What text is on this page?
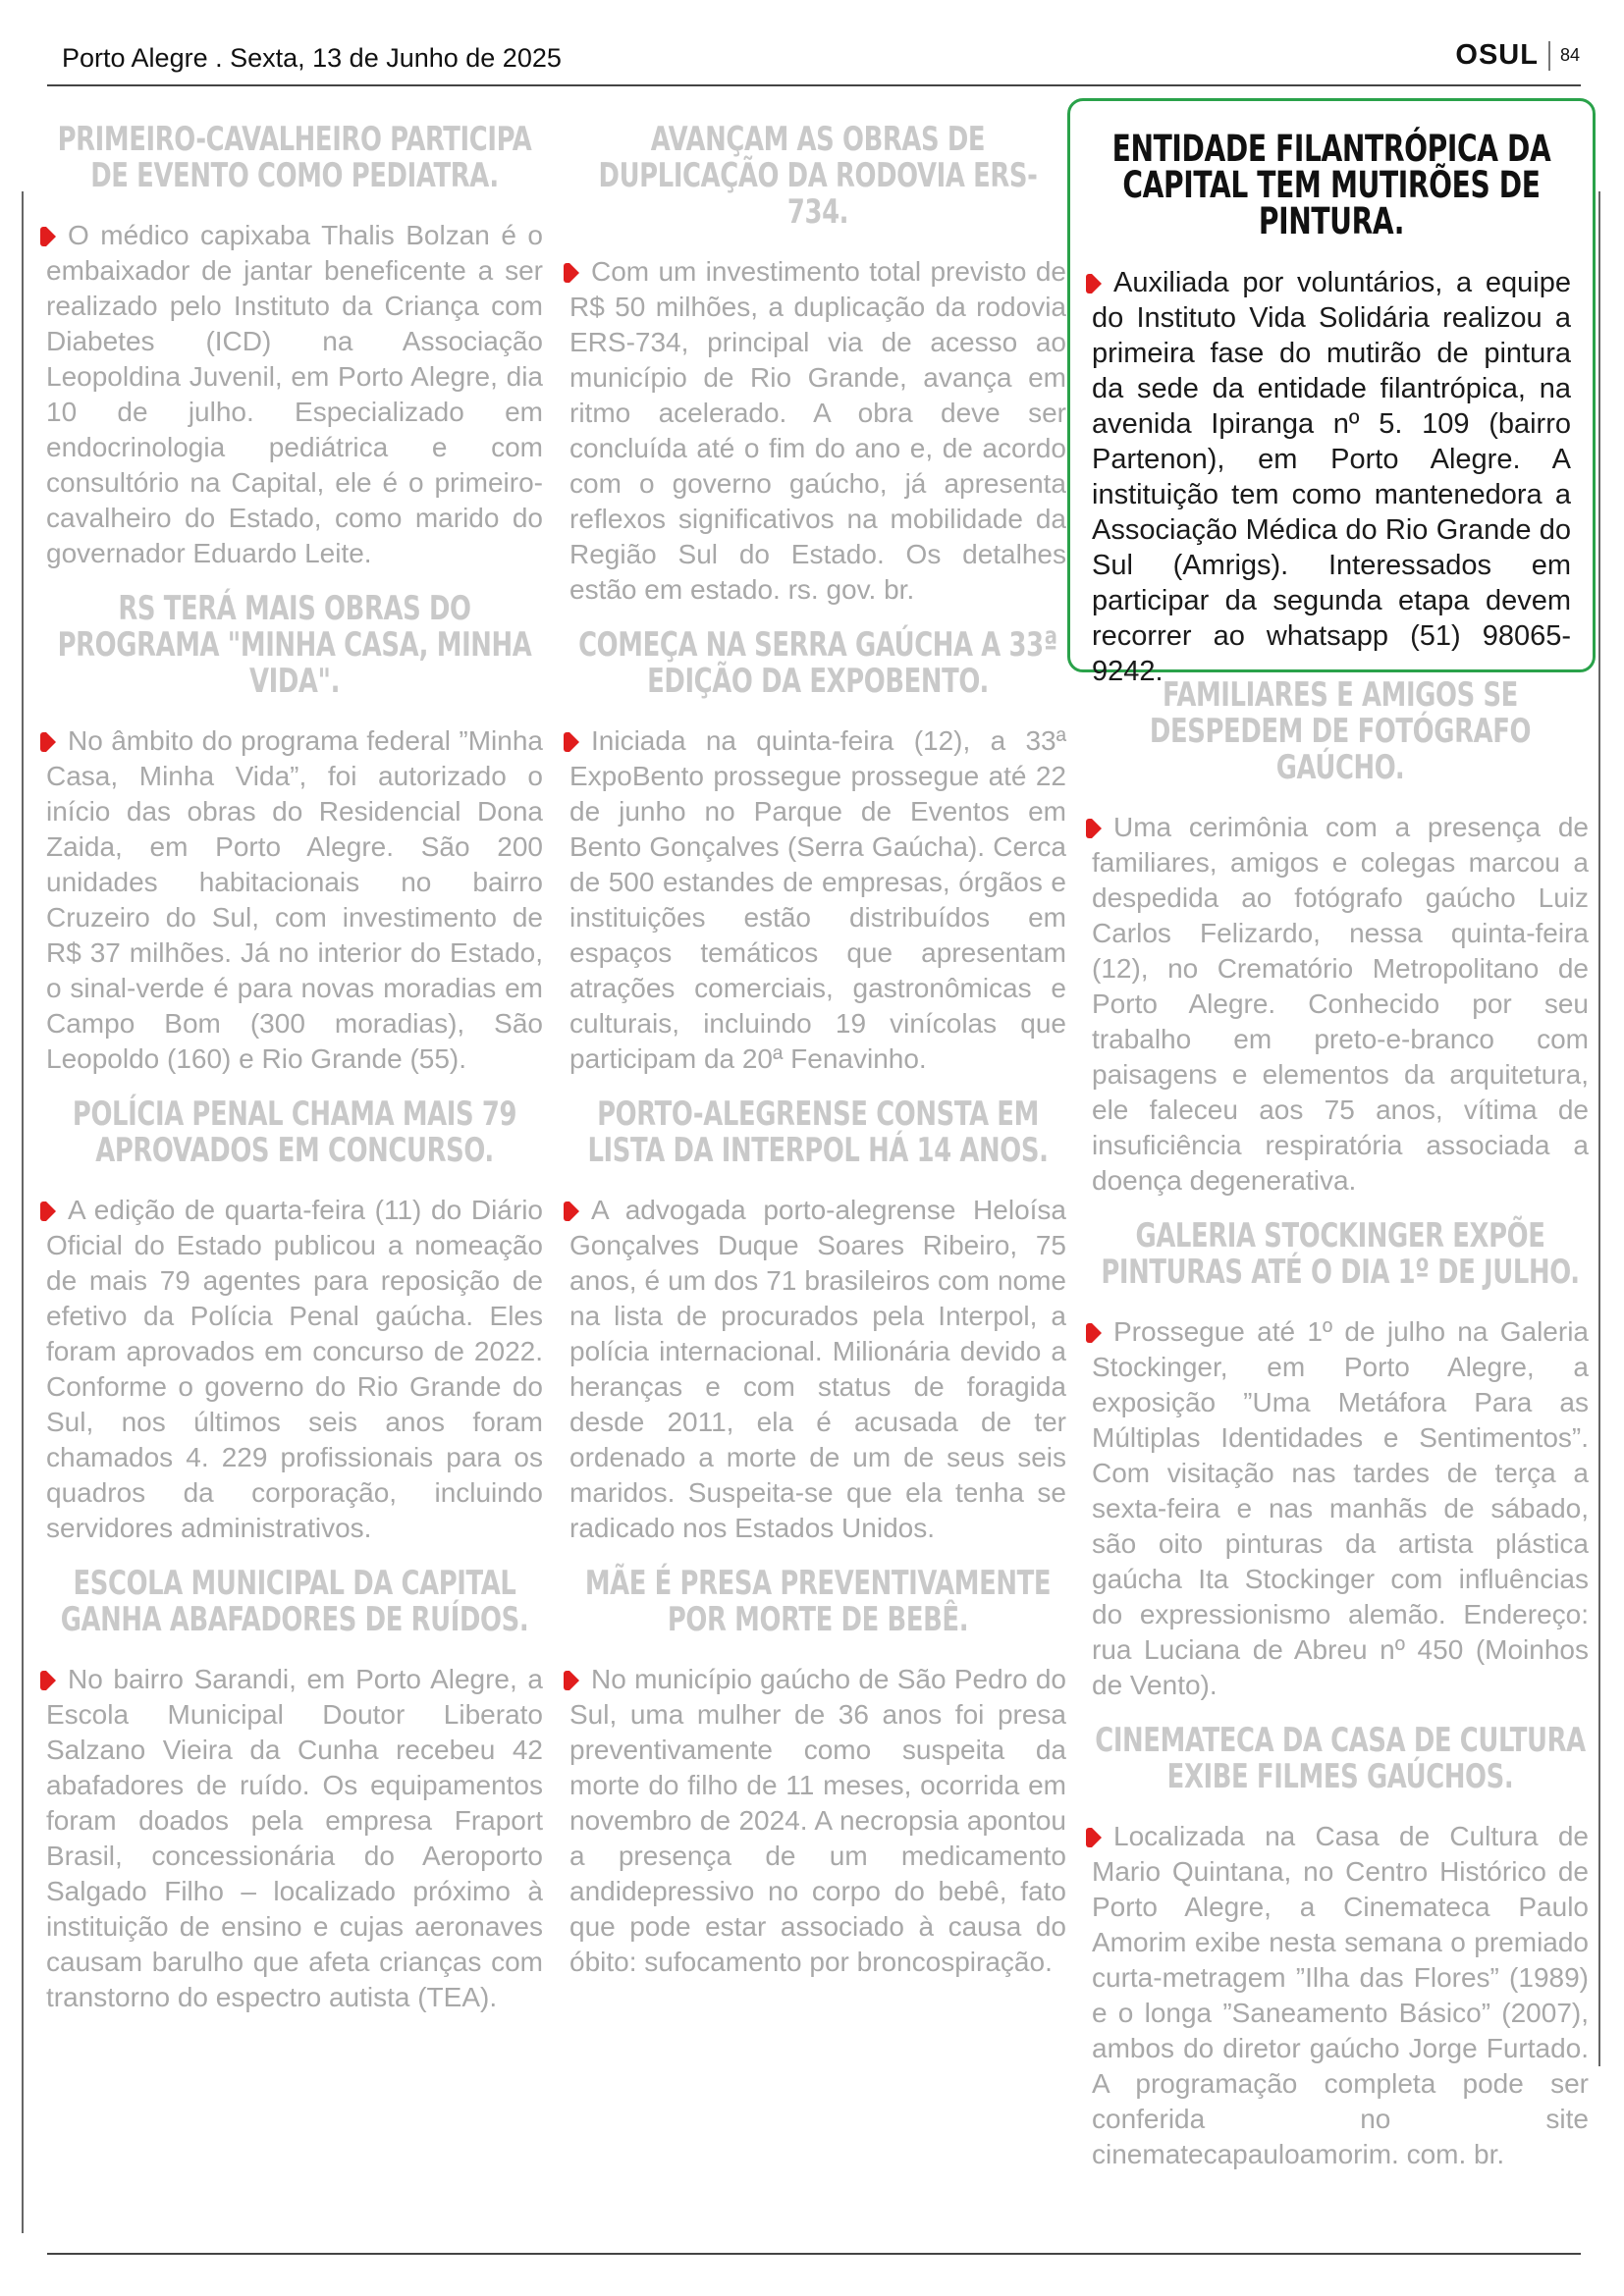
Porto Alegre . Sexta, 13 de Junho de 2025	OSUL 84
PRIMEIRO-CAVALHEIRO PARTICIPA DE EVENTO COMO PEDIATRA.

O médico capixaba Thalis Bolzan é o embaixador de jantar beneficente a ser realizado pelo Instituto da Criança com Diabetes (ICD) na Associação Leopoldina Juvenil, em Porto Alegre, dia 10 de julho. Especializado em endocrinologia pediátrica e com consultório na Capital, ele é o primeiro-cavalheiro do Estado, como marido do governador Eduardo Leite.

RS TERÁ MAIS OBRAS DO PROGRAMA "MINHA CASA, MINHA VIDA".

No âmbito do programa federal ”Minha Casa, Minha Vida”, foi autorizado o início das obras do Residencial Dona Zaida, em Porto Alegre. São 200 unidades habitacionais no bairro Cruzeiro do Sul, com investimento de R$ 37 milhões. Já no interior do Estado, o sinal-verde é para novas moradias em Campo Bom (300 moradias), São Leopoldo (160) e Rio Grande (55).

POLÍCIA PENAL CHAMA MAIS 79 APROVADOS EM CONCURSO.

A edição de quarta-feira (11) do Diário Oficial do Estado publicou a nomeação de mais 79 agentes para reposição de efetivo da Polícia Penal gaúcha. Eles foram aprovados em concurso de 2022. Conforme o governo do Rio Grande do Sul, nos últimos seis anos foram chamados 4. 229 profissionais para os quadros da corporação, incluindo servidores administrativos.

ESCOLA MUNICIPAL DA CAPITAL GANHA ABAFADORES DE RUÍDOS.

No bairro Sarandi, em Porto Alegre, a Escola Municipal Doutor Liberato Salzano Vieira da Cunha recebeu 42 abafadores de ruído. Os equipamentos foram doados pela empresa Fraport Brasil, concessionária do Aeroporto Salgado Filho – localizado próximo à instituição de ensino e cujas aeronaves causam barulho que afeta crianças com transtorno do espectro autista (TEA).

AVANÇAM AS OBRAS DE DUPLICAÇÃO DA RODOVIA ERS-734.

Com um investimento total previsto de R$ 50 milhões, a duplicação da rodovia ERS-734, principal via de acesso ao município de Rio Grande, avança em ritmo acelerado. A obra deve ser concluída até o fim do ano e, de acordo com o governo gaúcho, já apresenta reflexos significativos na mobilidade da Região Sul do Estado. Os detalhes estão em estado. rs. gov. br.

COMEÇA NA SERRA GAÚCHA A 33ª EDIÇÃO DA EXPOBENTO.

Iniciada na quinta-feira (12), a 33ª ExpoBento prossegue prossegue até 22 de junho no Parque de Eventos em Bento Gonçalves (Serra Gaúcha). Cerca de 500 estandes de empresas, órgãos e instituições estão distribuídos em espaços temáticos que apresentam atrações comerciais, gastronômicas e culturais, incluindo 19 vinícolas que participam da 20ª Fenavinho.

PORTO-ALEGRENSE CONSTA EM LISTA DA INTERPOL HÁ 14 ANOS.

A advogada porto-alegrense Heloísa Gonçalves Duque Soares Ribeiro, 75 anos, é um dos 71 brasileiros com nome na lista de procurados pela Interpol, a polícia internacional. Milionária devido a heranças e com status de foragida desde 2011, ela é acusada de ter ordenado a morte de um de seus seis maridos. Suspeita-se que ela tenha se radicado nos Estados Unidos.

MÃE É PRESA PREVENTIVAMENTE POR MORTE DE BEBÊ.

No município gaúcho de São Pedro do Sul, uma mulher de 36 anos foi presa preventivamente como suspeita da morte do filho de 11 meses, ocorrida em novembro de 2024. A necropsia apontou a presença de um medicamento andidepressivo no corpo do bebê, fato que pode estar associado à causa do óbito: sufocamento por broncospiração.

ENTIDADE FILANTRÓPICA DA CAPITAL TEM MUTIRÕES DE PINTURA.

Auxiliada por voluntários, a equipe do Instituto Vida Solidária realizou a primeira fase do mutirão de pintura da sede da entidade filantrópica, na avenida Ipiranga nº 5. 109 (bairro Partenon), em Porto Alegre. A instituição tem como mantenedora a Associação Médica do Rio Grande do Sul (Amrigs). Interessados em participar da segunda etapa devem recorrer ao whatsapp (51) 98065-9242.

FAMILIARES E AMIGOS SE DESPEDEM DE FOTÓGRAFO GAÚCHO.

Uma cerimônia com a presença de familiares, amigos e colegas marcou a despedida ao fotógrafo gaúcho Luiz Carlos Felizardo, nessa quinta-feira (12), no Crematório Metropolitano de Porto Alegre. Conhecido por seu trabalho em preto-e-branco com paisagens e elementos da arquitetura, ele faleceu aos 75 anos, vítima de insuficiência respiratória associada a doença degenerativa.

GALERIA STOCKINGER EXPÕE PINTURAS ATÉ O DIA 1º DE JULHO.

Prossegue até 1º de julho na Galeria Stockinger, em Porto Alegre, a exposição ”Uma Metáfora Para as Múltiplas Identidades e Sentimentos”. Com visitação nas tardes de terça a sexta-feira e nas manhãs de sábado, são oito pinturas da artista plástica gaúcha Ita Stockinger com influências do expressionismo alemão. Endereço: rua Luciana de Abreu nº 450 (Moinhos de Vento).

CINEMATECA DA CASA DE CULTURA EXIBE FILMES GAÚCHOS.

Localizada na Casa de Cultura de Mario Quintana, no Centro Histórico de Porto Alegre, a Cinemateca Paulo Amorim exibe nesta semana o premiado curta-metragem ”Ilha das Flores” (1989) e o longa ”Saneamento Básico” (2007), ambos do diretor gaúcho Jorge Furtado. A programação completa pode ser conferida no site cinematecapauloamorim. com. br.
